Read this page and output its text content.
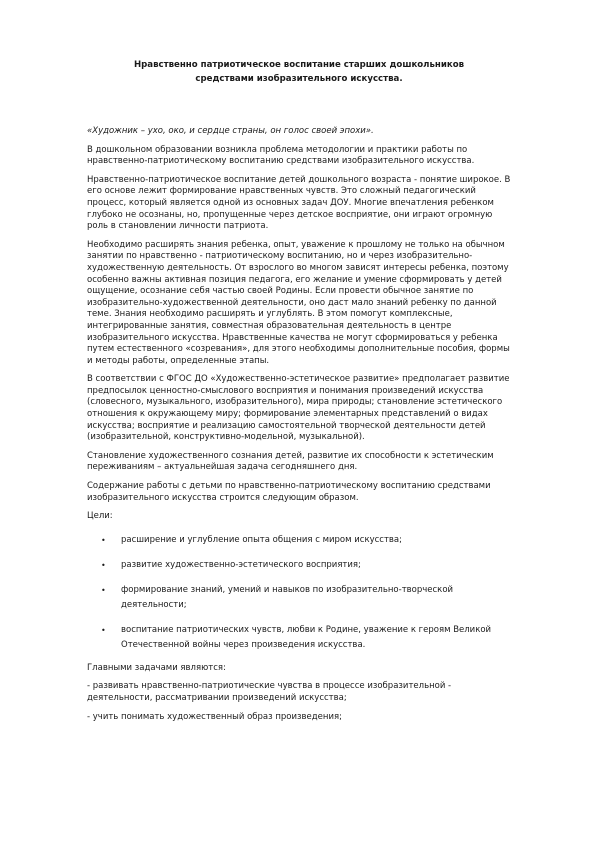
Нравственно патриотическое воспитание старших дошкольников
средствами изобразительного искусства.

«Художник – ухо, око, и сердце страны, он голос своей эпохи».

В дошкольном образовании возникла проблема методологии и практики работы по нравственно-патриотическому воспитанию средствами изобразительного искусства.

Нравственно-патриотическое воспитание детей дошкольного возраста - понятие широкое. В его основе лежит формирование нравственных чувств. Это сложный педагогический процесс, который является одной из основных задач ДОУ. Многие впечатления ребенком глубоко не осознаны, но, пропущенные через детское восприятие, они играют огромную роль в становлении личности патриота.

Необходимо расширять знания ребенка, опыт, уважение к прошлому не только на обычном занятии по нравственно - патриотическому воспитанию, но и через изобразительно-художественную деятельность. От взрослого во многом зависят интересы ребенка, поэтому особенно важны активная позиция педагога, его желание и умение сформировать у детей ощущение, осознание себя частью своей Родины. Если провести обычное занятие по изобразительно-художественной деятельности, оно даст мало знаний ребенку по данной теме. Знания необходимо расширять и углублять. В этом помогут комплексные, интегрированные занятия, совместная образовательная деятельность в центре изобразительного искусства. Нравственные качества не могут сформироваться у ребенка путем естественного «созревания», для этого необходимы дополнительные пособия, формы и методы работы, определенные этапы.

В соответствии с ФГОС ДО «Художественно-эстетическое развитие» предполагает развитие предпосылок ценностно-смыслового восприятия и понимания произведений искусства (словесного, музыкального, изобразительного), мира природы; становление эстетического отношения к окружающему миру; формирование элементарных представлений о видах искусства; восприятие и реализацию самостоятельной творческой деятельности детей (изобразительной, конструктивно-модельной, музыкальной).

Становление художественного сознания детей, развитие их способности к эстетическим переживаниям – актуальнейшая задача сегодняшнего дня.

Содержание работы с детьми по нравственно-патриотическому воспитанию средствами изобразительного искусства строится следующим образом.

Цели:

• расширение и углубление опыта общения с миром искусства;
• развитие художественно-эстетического восприятия;
• формирование знаний, умений и навыков по изобразительно-творческой деятельности;
• воспитание патриотических чувств, любви к Родине, уважение к героям Великой Отечественной войны через произведения искусства.

Главными задачами являются:

- развивать нравственно-патриотические чувства в процессе изобразительной - деятельности, рассматривании произведений искусства;

- учить понимать художественный образ произведения;
